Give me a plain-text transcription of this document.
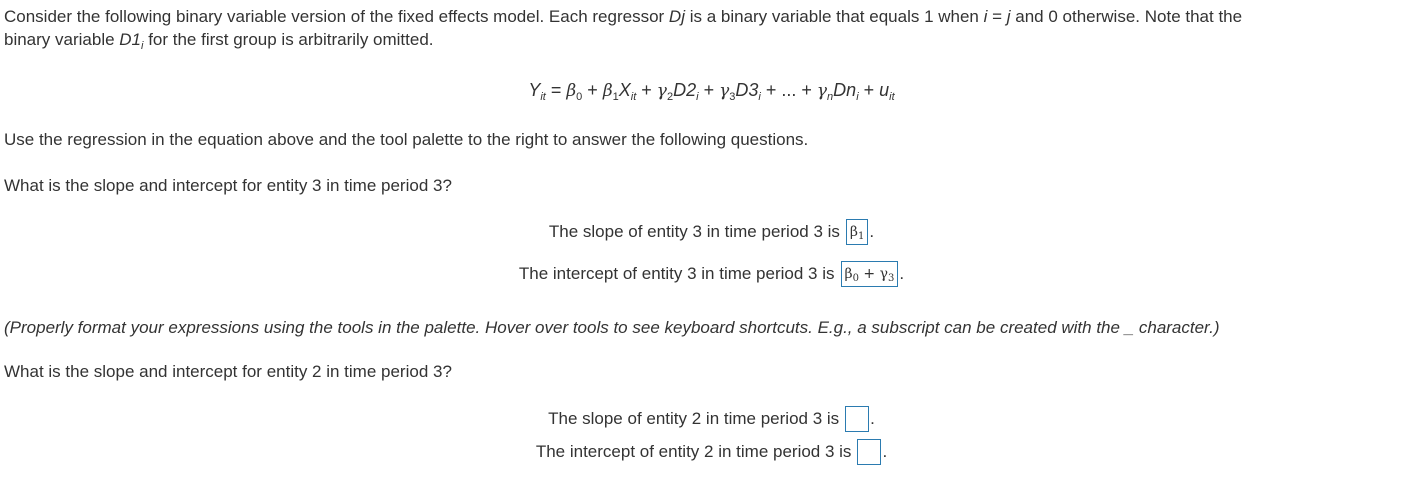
Consider the following binary variable version of the fixed effects model. Each regressor Dj is a binary variable that equals 1 when i = j and 0 otherwise. Note that the
binary variable $D1_i$ for the first group is arbitrarily omitted.
$Y_{it} = \beta_0 + \beta_1X_{it} + \gamma_2D2_i + \gamma_3D3_i$ + ... + $\gamma_nDn_i + u_{it}$
Use the regression in the equation above and the tool palette to the right to answer the following questions.
What is the slope and intercept for entity 3 in time period 3?
The slope of entity 3 in time period 3 is $\beta_1$ .
The intercept of entity 3 in time period 3 is $\beta_0 + \gamma_3$ .
(Properly format your expressions using the tools in the palette. Hover over tools to see keyboard shortcuts. E.g., a subscript can be created with the _ character.)
What is the slope and intercept for entity 2 in time period 3?
The slope of entity 2 in time period 3 is .
The intercept of entity 2 in time period 3 is .
